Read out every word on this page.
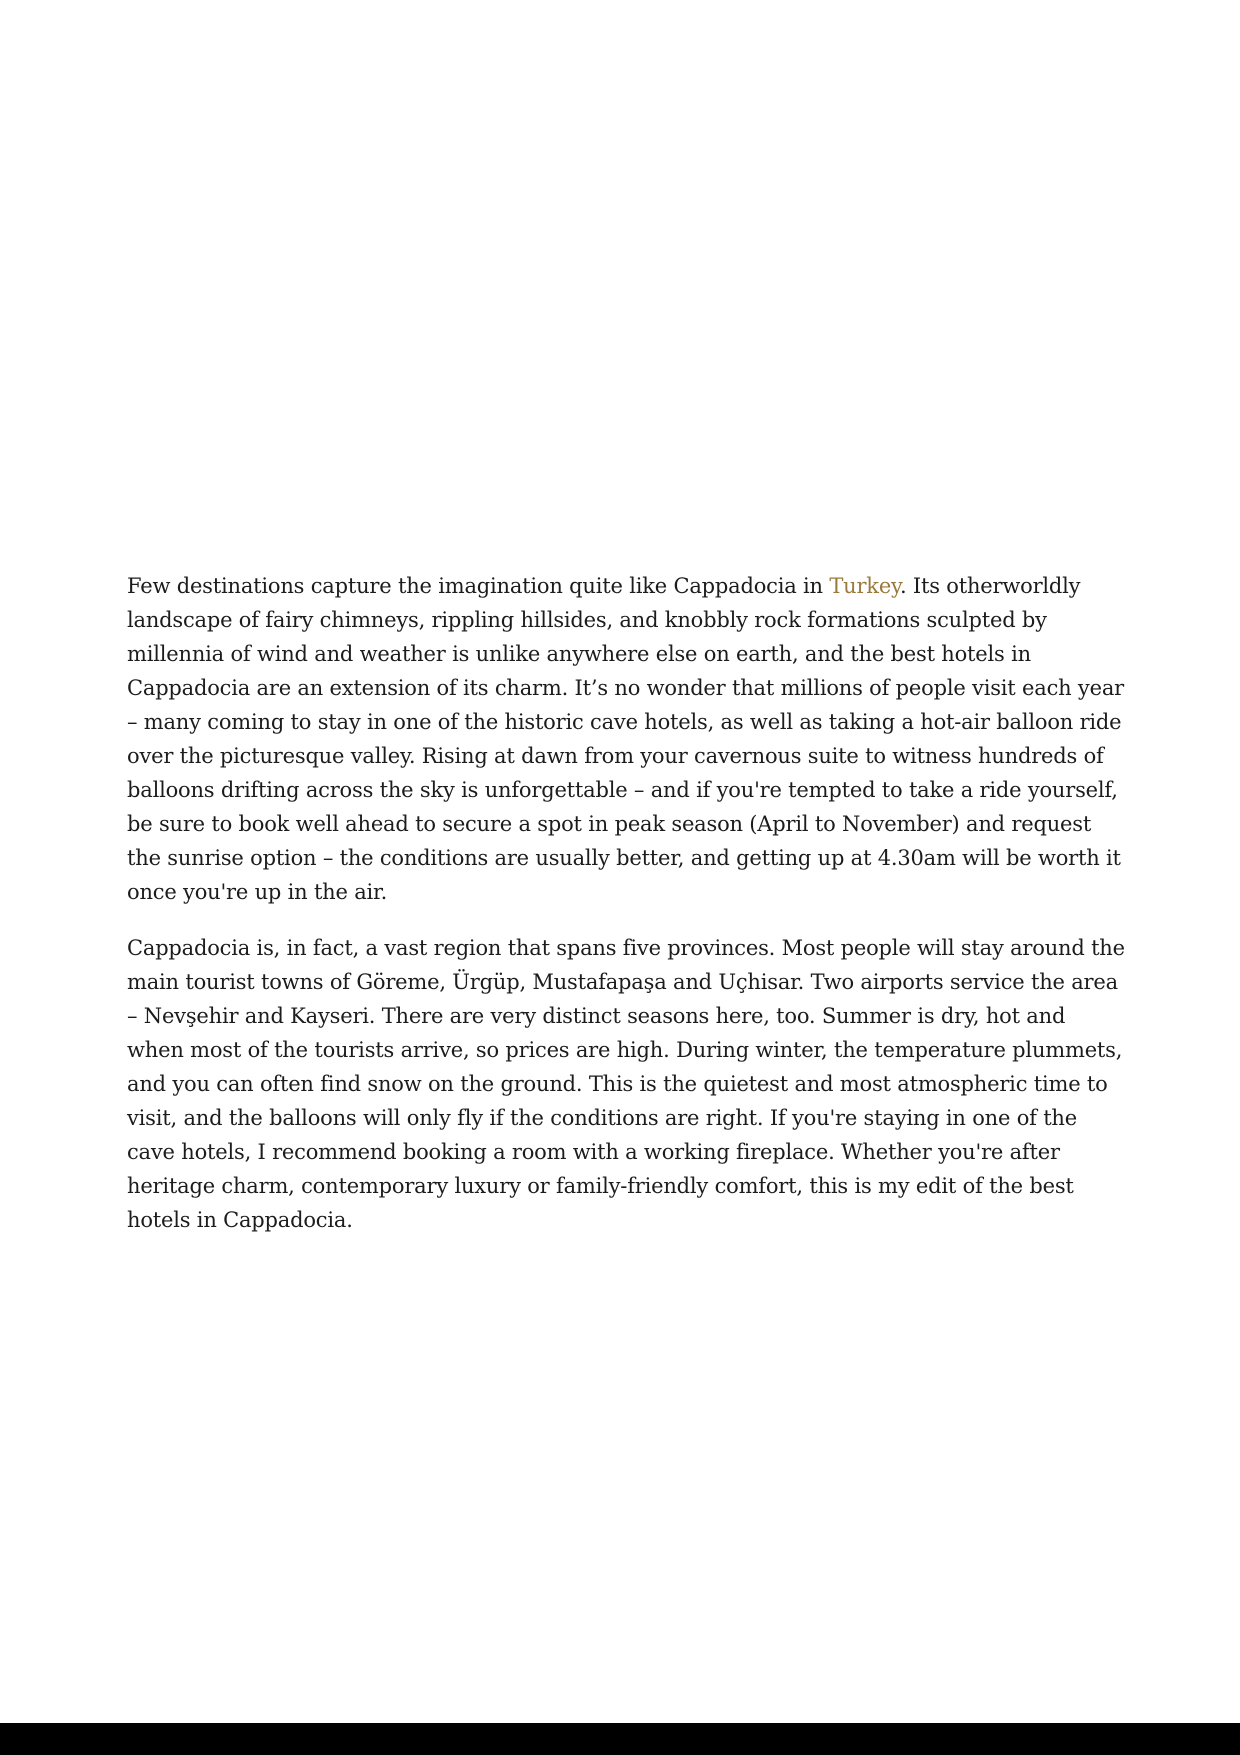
Few destinations capture the imagination quite like Cappadocia in Turkey. Its otherworldly landscape of fairy chimneys, rippling hillsides, and knobbly rock formations sculpted by millennia of wind and weather is unlike anywhere else on earth, and the best hotels in Cappadocia are an extension of its charm. It’s no wonder that millions of people visit each year – many coming to stay in one of the historic cave hotels, as well as taking a hot-air balloon ride over the picturesque valley. Rising at dawn from your cavernous suite to witness hundreds of balloons drifting across the sky is unforgettable – and if you're tempted to take a ride yourself, be sure to book well ahead to secure a spot in peak season (April to November) and request the sunrise option – the conditions are usually better, and getting up at 4.30am will be worth it once you're up in the air.

Cappadocia is, in fact, a vast region that spans five provinces. Most people will stay around the main tourist towns of Göreme, Ürgüp, Mustafapaşa and Uçhisar. Two airports service the area – Nevşehir and Kayseri. There are very distinct seasons here, too. Summer is dry, hot and when most of the tourists arrive, so prices are high. During winter, the temperature plummets, and you can often find snow on the ground. This is the quietest and most atmospheric time to visit, and the balloons will only fly if the conditions are right. If you're staying in one of the cave hotels, I recommend booking a room with a working fireplace. Whether you're after heritage charm, contemporary luxury or family-friendly comfort, this is my edit of the best hotels in Cappadocia.
